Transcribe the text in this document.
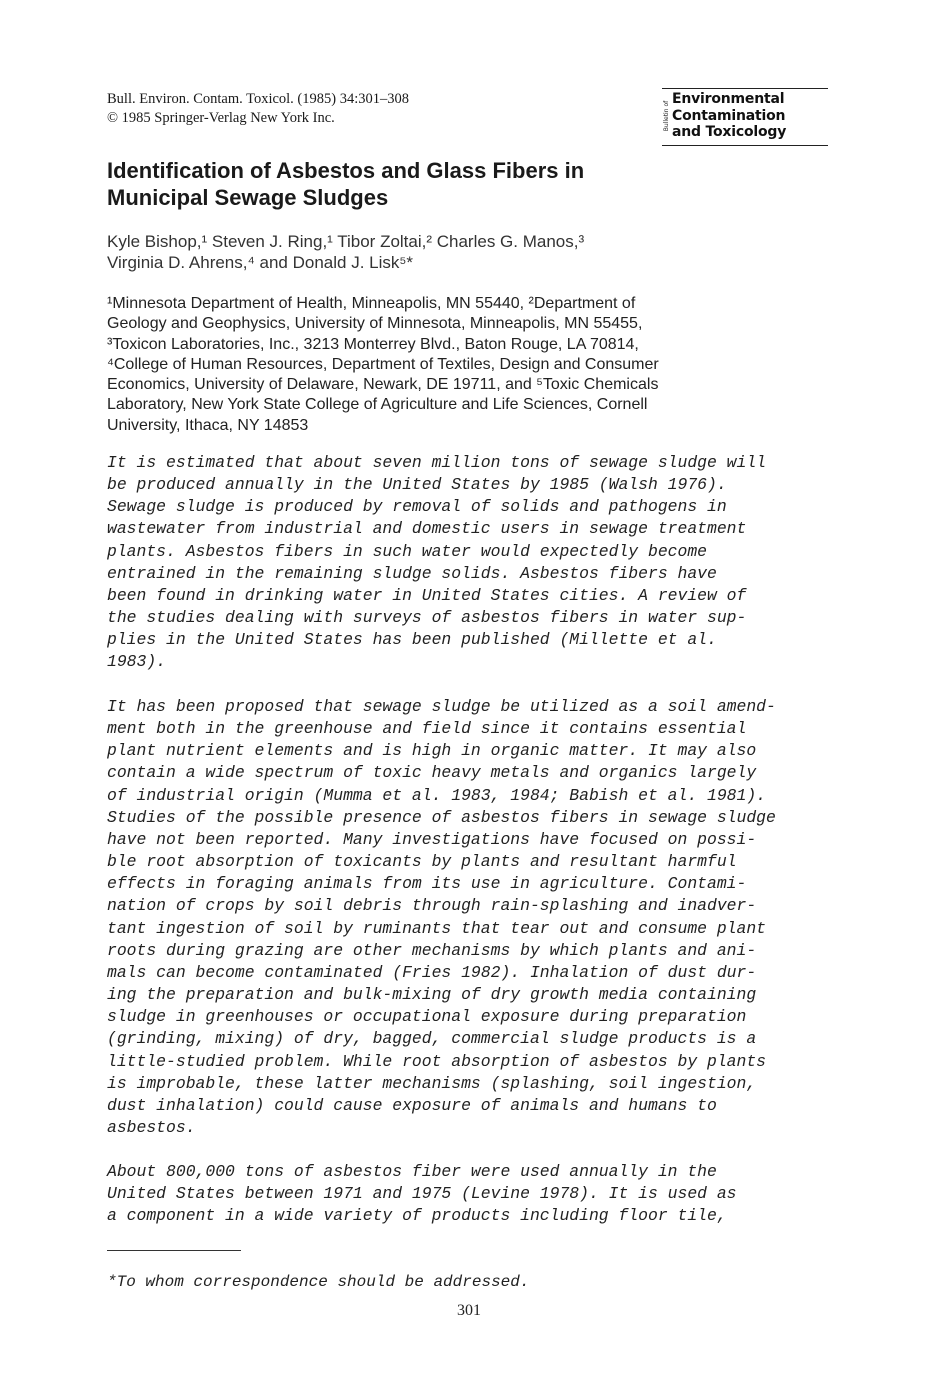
Bull. Environ. Contam. Toxicol. (1985) 34:301–308
© 1985 Springer-Verlag New York Inc.	Bulletin of
Environmental
Contamination
and Toxicology
Identification of Asbestos and Glass Fibers in
Municipal Sewage Sludges
Kyle Bishop,¹ Steven J. Ring,¹ Tibor Zoltai,² Charles G. Manos,³
Virginia D. Ahrens,⁴ and Donald J. Lisk⁵*
¹Minnesota Department of Health, Minneapolis, MN 55440, ²Department of
Geology and Geophysics, University of Minnesota, Minneapolis, MN 55455,
³Toxicon Laboratories, Inc., 3213 Monterrey Blvd., Baton Rouge, LA 70814,
⁴College of Human Resources, Department of Textiles, Design and Consumer
Economics, University of Delaware, Newark, DE 19711, and ⁵Toxic Chemicals
Laboratory, New York State College of Agriculture and Life Sciences, Cornell
University, Ithaca, NY 14853
It is estimated that about seven million tons of sewage sludge will
be produced annually in the United States by 1985 (Walsh 1976).
Sewage sludge is produced by removal of solids and pathogens in
wastewater from industrial and domestic users in sewage treatment
plants. Asbestos fibers in such water would expectedly become
entrained in the remaining sludge solids. Asbestos fibers have
been found in drinking water in United States cities. A review of
the studies dealing with surveys of asbestos fibers in water sup-
plies in the United States has been published (Millette et al.
1983).
It has been proposed that sewage sludge be utilized as a soil amend-
ment both in the greenhouse and field since it contains essential
plant nutrient elements and is high in organic matter. It may also
contain a wide spectrum of toxic heavy metals and organics largely
of industrial origin (Mumma et al. 1983, 1984; Babish et al. 1981).
Studies of the possible presence of asbestos fibers in sewage sludge
have not been reported. Many investigations have focused on possi-
ble root absorption of toxicants by plants and resultant harmful
effects in foraging animals from its use in agriculture. Contami-
nation of crops by soil debris through rain-splashing and inadver-
tant ingestion of soil by ruminants that tear out and consume plant
roots during grazing are other mechanisms by which plants and ani-
mals can become contaminated (Fries 1982). Inhalation of dust dur-
ing the preparation and bulk-mixing of dry growth media containing
sludge in greenhouses or occupational exposure during preparation
(grinding, mixing) of dry, bagged, commercial sludge products is a
little-studied problem. While root absorption of asbestos by plants
is improbable, these latter mechanisms (splashing, soil ingestion,
dust inhalation) could cause exposure of animals and humans to
asbestos.
About 800,000 tons of asbestos fiber were used annually in the
United States between 1971 and 1975 (Levine 1978). It is used as
a component in a wide variety of products including floor tile,
*To whom correspondence should be addressed.
301
